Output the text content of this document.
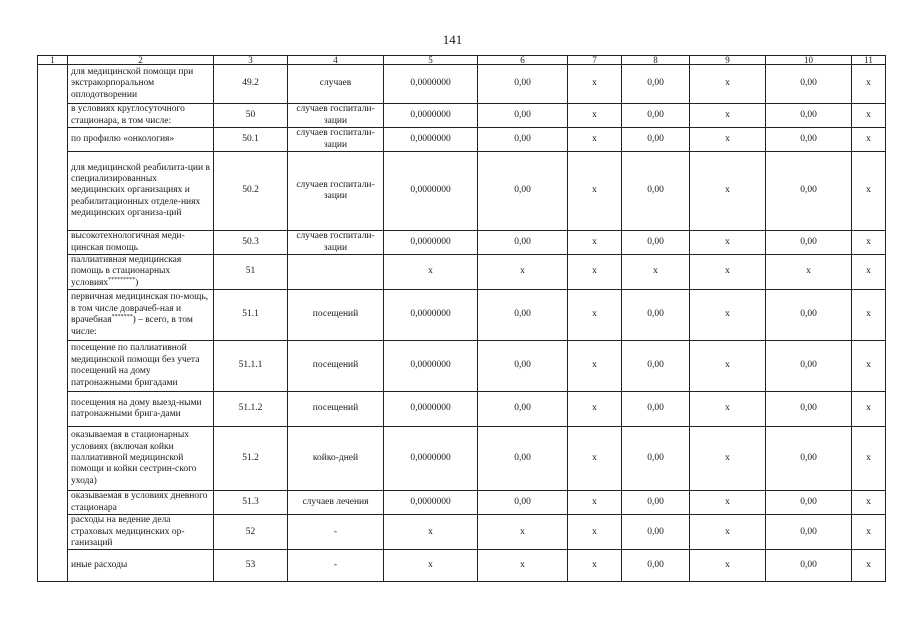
141
1	2	3	4	5	6	7	8	9	10	11
	для медицинской помощи при экстракорпоральном оплодотворении	49.2	случаев	0,0000000	0,00	х	0,00	х	0,00	х
	в условиях круглосуточного стационара, в том числе:	50	случаев госпитали-зации	0,0000000	0,00	х	0,00	х	0,00	х
	по профилю «онкология»	50.1	случаев госпитали-зации	0,0000000	0,00	х	0,00	х	0,00	х
	для медицинской реабилита-ции в специализированных медицинских организациях и реабилитационных отделе-ниях медицинских организа-ций	50.2	случаев госпитали-зации	0,0000000	0,00	х	0,00	х	0,00	х
	высокотехнологичная меди-цинская помощь	50.3	случаев госпитали-зации	0,0000000	0,00	х	0,00	х	0,00	х
	паллиативная медицинская помощь в стационарных условиях*********)	51		х	х	х	х	х	х	х
	первичная медицинская по-мощь, в том числе доврачеб-ная и врачебная*******) – всего, в том числе:	51.1	посещений	0,0000000	0,00	х	0,00	х	0,00	х
	посещение по паллиативной медицинской помощи без учета посещений на дому патронажными бригадами	51.1.1	посещений	0,0000000	0,00	х	0,00	х	0,00	х
	посещения на дому выезд-ными патронажными брига-дами	51.1.2	посещений	0,0000000	0,00	х	0,00	х	0,00	х
	оказываемая в стационарных условиях (включая койки паллиативной медицинской помощи и койки сестрин-ского ухода)	51.2	койко-дней	0,0000000	0,00	х	0,00	х	0,00	х
	оказываемая в условиях дневного стационара	51.3	случаев лечения	0,0000000	0,00	х	0,00	х	0,00	х
	расходы на ведение дела страховых медицинских ор-ганизаций	52	-	х	х	х	0,00	х	0,00	х
	иные расходы	53	-	х	х	х	0,00	х	0,00	х
